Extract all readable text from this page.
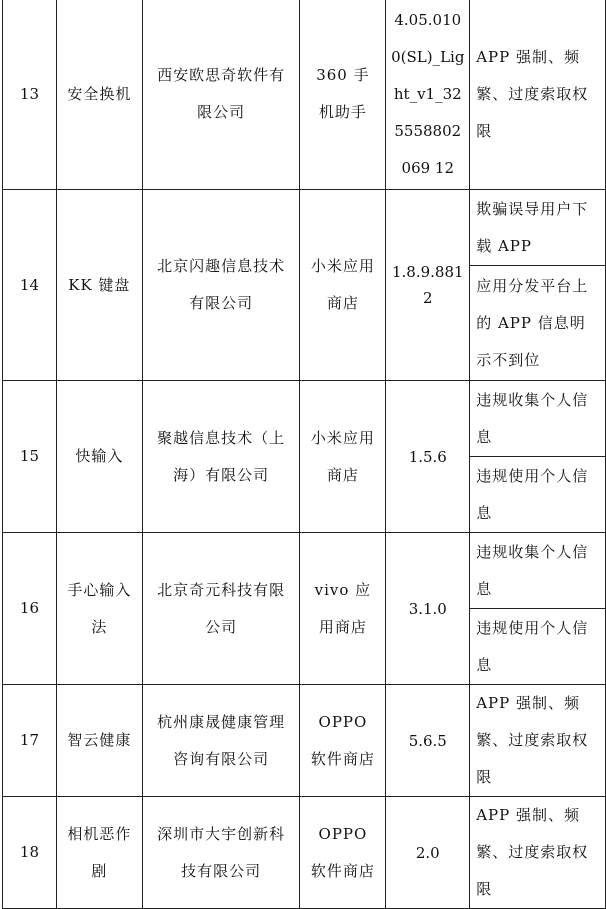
13	安全换机	西安欧思奇软件有限公司	360 手机助手	4.05.0100(SL)_Light_v1_325558802069 12	APP 强制、频繁、过度索取权限
14	KK 键盘	北京闪趣信息技术有限公司	小米应用商店	1.8.9.8812	欺骗误导用户下载 APP
					应用分发平台上的 APP 信息明示不到位
15	快输入	聚越信息技术（上海）有限公司	小米应用商店	1.5.6	违规收集个人信息
					违规使用个人信息
16	手心输入法	北京奇元科技有限公司	vivo 应用商店	3.1.0	违规收集个人信息
					违规使用个人信息
17	智云健康	杭州康晟健康管理咨询有限公司	OPPO 软件商店	5.6.5	APP 强制、频繁、过度索取权限
18	相机恶作剧	深圳市大宇创新科技有限公司	OPPO 软件商店	2.0	APP 强制、频繁、过度索取权限
